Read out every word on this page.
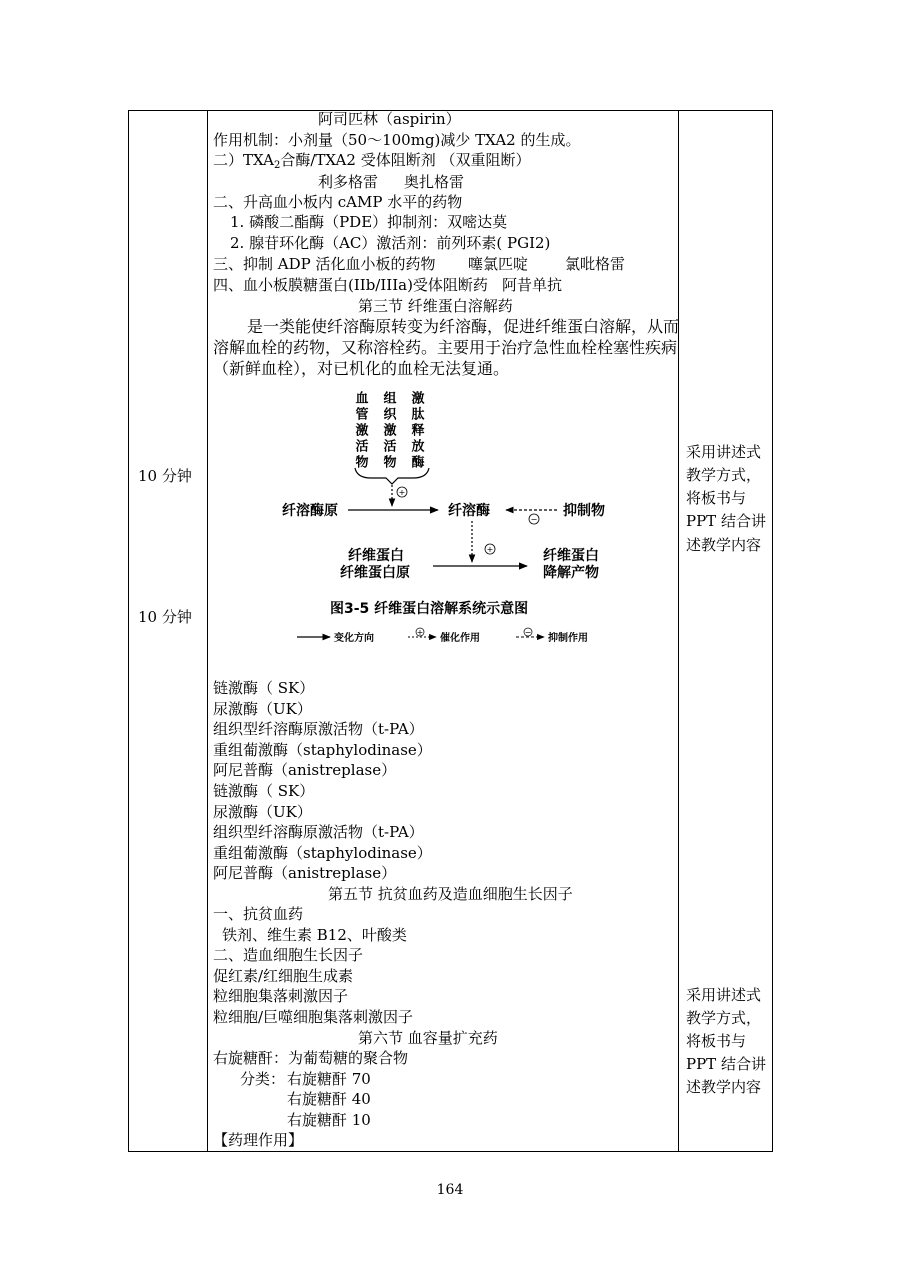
10 分钟
10 分钟
采用讲述式
教学方式，
将板书与
PPT 结合讲
述教学内容
采用讲述式
教学方式，
将板书与
PPT 结合讲
述教学内容
阿司匹林（aspirin）
作用机制：小剂量（50～100mg)减少 TXA2 的生成。
二）$TXA_2$合酶/TXA2 受体阻断剂 （双重阻断）
利多格雷 奥扎格雷
二、升高血小板内 cAMP 水平的药物
1. 磷酸二酯酶（PDE）抑制剂：双嘧达莫
2. 腺苷环化酶（AC）激活剂：前列环素( PGI2)
三、抑制 ADP 活化血小板的药物 噻氯匹啶 氯吡格雷
四、血小板膜糖蛋白(IIb/IIIa)受体阻断药 阿昔单抗
第三节 纤维蛋白溶解药
是一类能使纤溶酶原转变为纤溶酶，促进纤维蛋白溶解，从而
溶解血栓的药物，又称溶栓药。主要用于治疗急性血栓栓塞性疾病
（新鲜血栓），对已机化的血栓无法复通。
血管激活物 组织激活物 激肽释放酶
+
纤溶酶原	纤溶酶
−
抑制物
+
纤维蛋白
纤维蛋白原
纤维蛋白
降解产物
图3-5 纤维蛋白溶解系统示意图
变化方向
+
催化作用
−
抑制作用
链激酶（ SK）
尿激酶（UK）
组织型纤溶酶原激活物（t-PA）
重组葡激酶（staphylodinase）
阿尼普酶（anistreplase）
链激酶（ SK）
尿激酶（UK）
组织型纤溶酶原激活物（t-PA）
重组葡激酶（staphylodinase）
阿尼普酶（anistreplase）
第五节 抗贫血药及造血细胞生长因子
一、抗贫血药
铁剂、维生素 B12、叶酸类
二、造血细胞生长因子
促红素/红细胞生成素
粒细胞集落刺激因子
粒细胞/巨噬细胞集落刺激因子
第六节 血容量扩充药
右旋糖酐：为葡萄糖的聚合物
分类： 右旋糖酐 70
右旋糖酐 40
右旋糖酐 10
【药理作用】
164
